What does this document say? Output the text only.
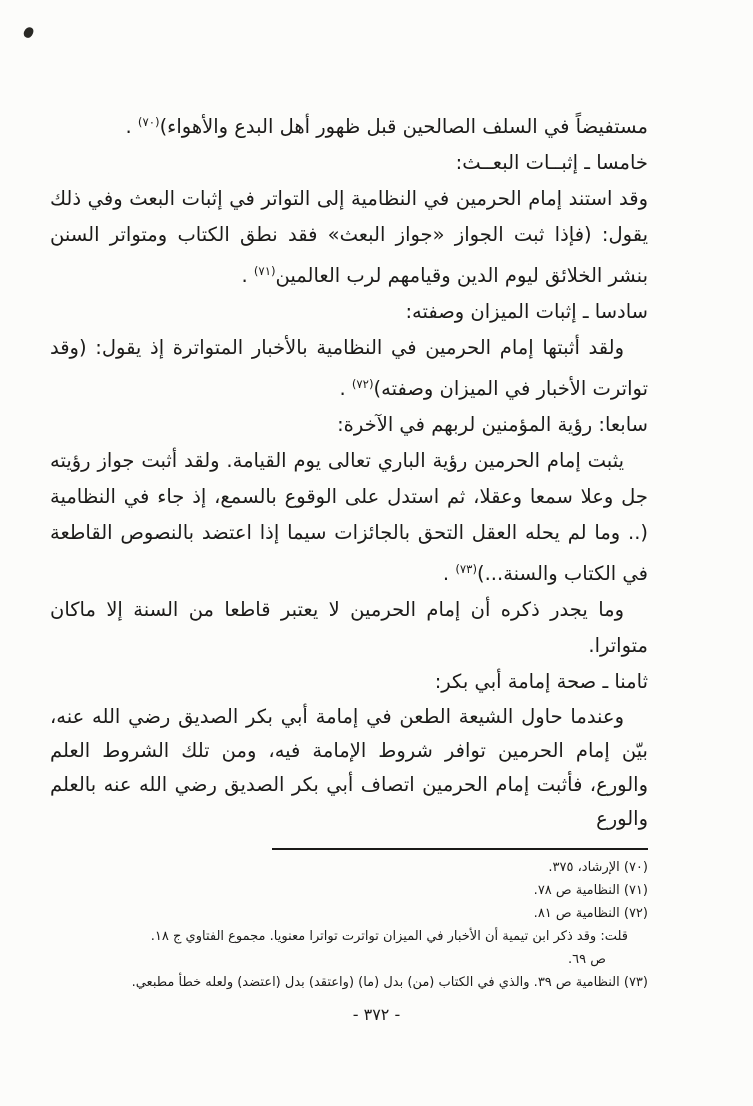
مستفيضاً في السلف الصالحين قبل ظهور أهل البدع والأهواء)$^{(٧٠)}$ .

خامسا ـ إثبــات البعــث:

وقد استند إمام الحرمين في النظامية إلى التواتر في إثبات البعث وفي ذلك يقول: (فإذا ثبت الجواز «جواز البعث» فقد نطق الكتاب ومتواتر السنن بنشر الخلائق ليوم الدين وقيامهم لرب العالمين$^{(٧١)}$ .

سادسا ـ إثبات الميزان وصفته:

ولقد أثبتها إمام الحرمين في النظامية بالأخبار المتواترة إذ يقول: (وقد تواترت الأخبار في الميزان وصفته)$^{(٧٢)}$ .

سابعا: رؤية المؤمنين لربهم في الآخرة:

يثبت إمام الحرمين رؤية الباري تعالى يوم القيامة. ولقد أثبت جواز رؤيته جل وعلا سمعا وعقلا، ثم استدل على الوقوع بالسمع، إذ جاء في النظامية (.. وما لم يحله العقل التحق بالجائزات سيما إذا اعتضد بالنصوص القاطعة في الكتاب والسنة...)$^{(٧٣)}$ .

وما يجدر ذكره أن إمام الحرمين لا يعتبر قاطعا من السنة إلا ماكان متواترا.

ثامنا ـ صحة إمامة أبي بكر:

وعندما حاول الشيعة الطعن في إمامة أبي بكر الصديق رضي الله عنه، بيّن إمام الحرمين توافر شروط الإمامة فيه، ومن تلك الشروط العلم والورع، فأثبت إمام الحرمين اتصاف أبي بكر الصديق رضي الله عنه بالعلم والورع

(٧٠) الإرشاد، ٣٧٥.
(٧١) النظامية ص ٧٨.
(٧٢) النظامية ص ٨١.
قلت: وقد ذكر ابن تيمية أن الأخبار في الميزان تواترت تواترا معنويا. مجموع الفتاوي ج ١٨.
ص ٦٩.
(٧٣) النظامية ص ٣٩. والذي في الكتاب (من) بدل (ما) (واعتقد) بدل (اعتضد) ولعله خطأ مطبعي.
- ٣٧٢ -
